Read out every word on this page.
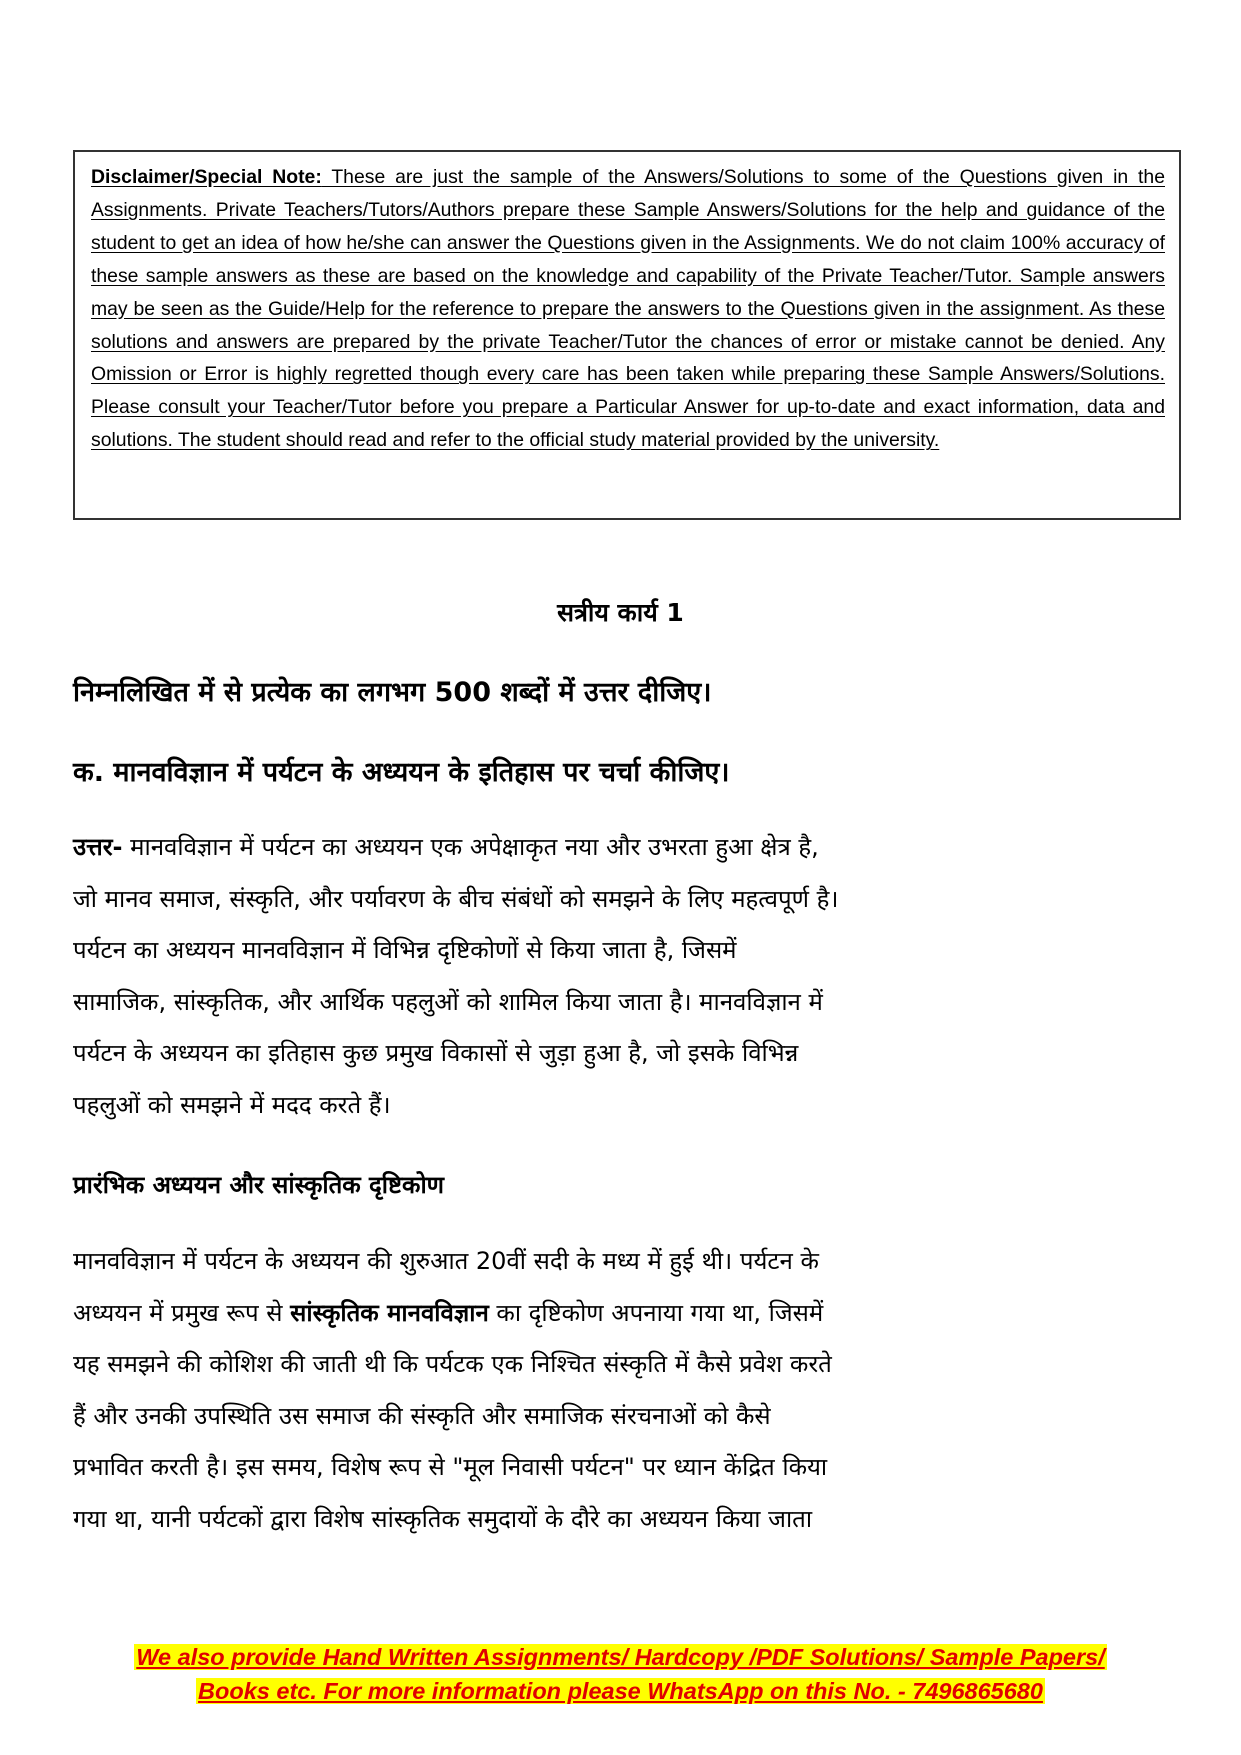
Disclaimer/Special Note: These are just the sample of the Answers/Solutions to some of the Questions given in the Assignments. Private Teachers/Tutors/Authors prepare these Sample Answers/Solutions for the help and guidance of the student to get an idea of how he/she can answer the Questions given in the Assignments. We do not claim 100% accuracy of these sample answers as these are based on the knowledge and capability of the Private Teacher/Tutor. Sample answers may be seen as the Guide/Help for the reference to prepare the answers to the Questions given in the assignment. As these solutions and answers are prepared by the private Teacher/Tutor the chances of error or mistake cannot be denied. Any Omission or Error is highly regretted though every care has been taken while preparing these Sample Answers/Solutions. Please consult your Teacher/Tutor before you prepare a Particular Answer for up-to-date and exact information, data and solutions. The student should read and refer to the official study material provided by the university.

सत्रीय कार्य 1
निम्नलिखित में से प्रत्येक का लगभग 500 शब्दों में उत्तर दीजिए।
क. मानवविज्ञान में पर्यटन के अध्ययन के इतिहास पर चर्चा कीजिए।
उत्तर- मानवविज्ञान में पर्यटन का अध्ययन एक अपेक्षाकृत नया और उभरता हुआ क्षेत्र है,
जो मानव समाज, संस्कृति, और पर्यावरण के बीच संबंधों को समझने के लिए महत्वपूर्ण है।
पर्यटन का अध्ययन मानवविज्ञान में विभिन्न दृष्टिकोणों से किया जाता है, जिसमें
सामाजिक, सांस्कृतिक, और आर्थिक पहलुओं को शामिल किया जाता है। मानवविज्ञान में
पर्यटन के अध्ययन का इतिहास कुछ प्रमुख विकासों से जुड़ा हुआ है, जो इसके विभिन्न
पहलुओं को समझने में मदद करते हैं।
प्रारंभिक अध्ययन और सांस्कृतिक दृष्टिकोण
मानवविज्ञान में पर्यटन के अध्ययन की शुरुआत 20वीं सदी के मध्य में हुई थी। पर्यटन के
अध्ययन में प्रमुख रूप से सांस्कृतिक मानवविज्ञान का दृष्टिकोण अपनाया गया था, जिसमें
यह समझने की कोशिश की जाती थी कि पर्यटक एक निश्चित संस्कृति में कैसे प्रवेश करते
हैं और उनकी उपस्थिति उस समाज की संस्कृति और समाजिक संरचनाओं को कैसे
प्रभावित करती है। इस समय, विशेष रूप से "मूल निवासी पर्यटन" पर ध्यान केंद्रित किया
गया था, यानी पर्यटकों द्वारा विशेष सांस्कृतिक समुदायों के दौरे का अध्ययन किया जाता
We also provide Hand Written Assignments/ Hardcopy /PDF Solutions/ Sample Papers/
Books etc. For more information please WhatsApp on this No. - 7496865680
